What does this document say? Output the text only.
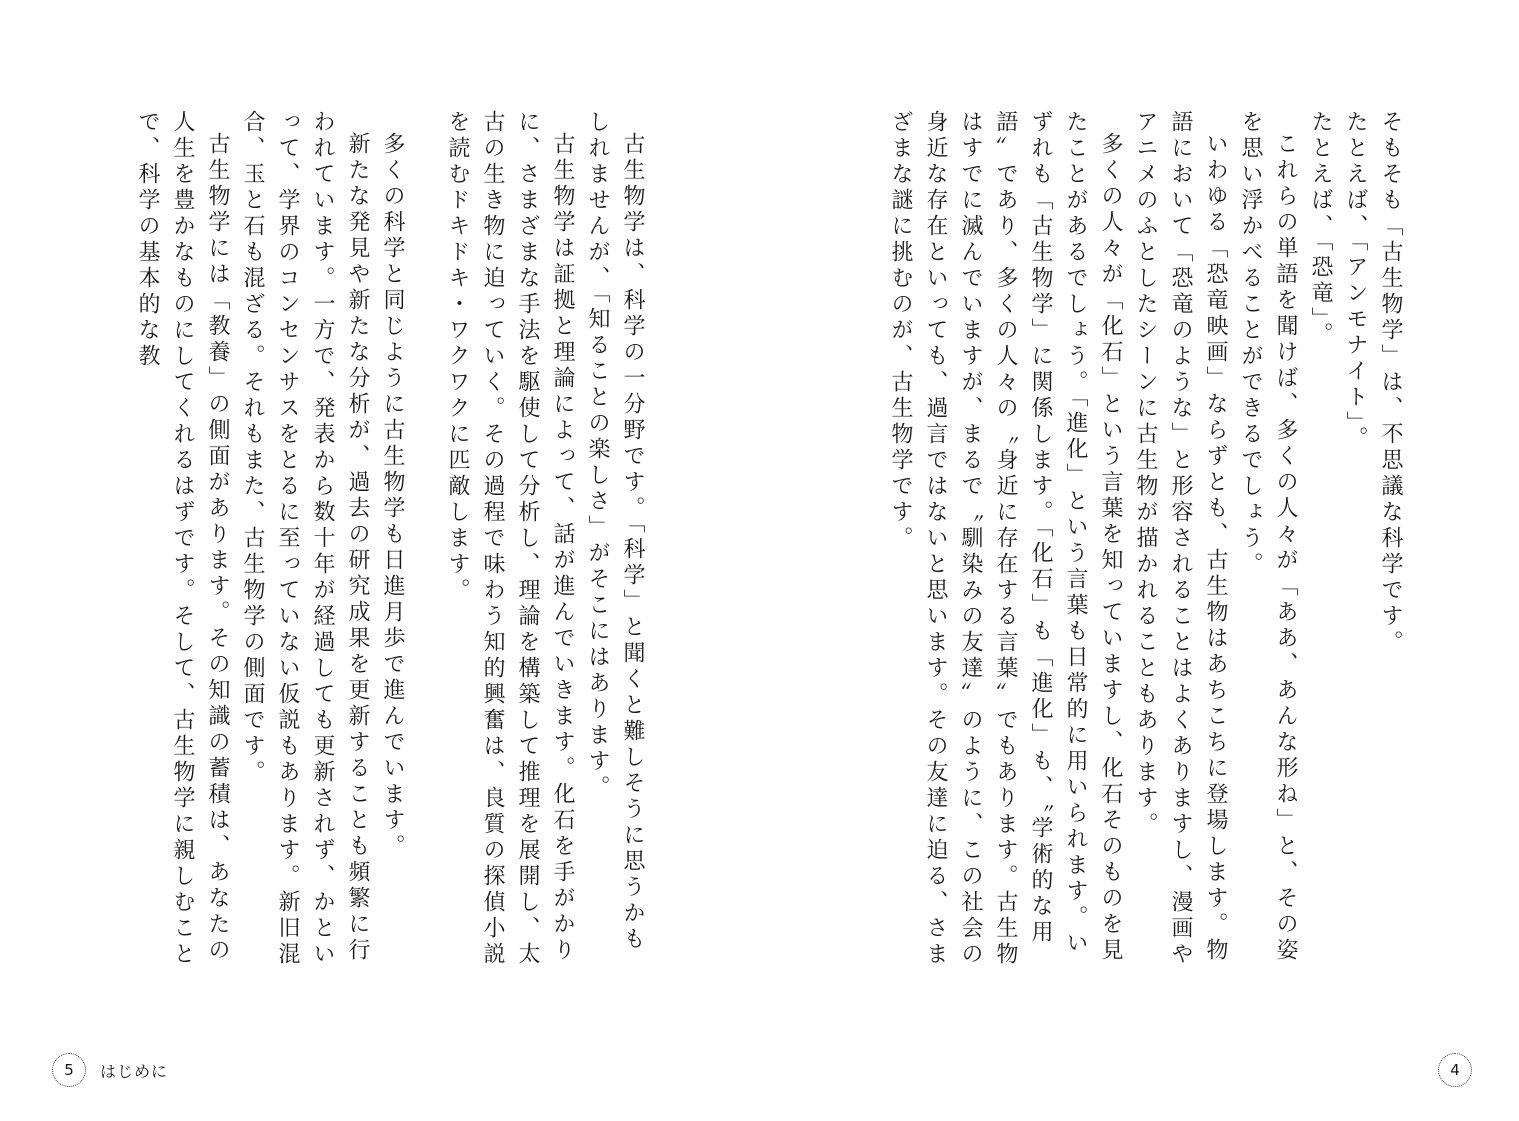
そもそも「古生物学」は、不思議な科学です。

たとえば、「アンモナイト」。

たとえば、「恐竜」。

これらの単語を聞けば、多くの人々が「ああ、あんな形ね」と、その姿を思い浮かべることができるでしょう。

いわゆる「恐竜映画」ならずとも、古生物はあちこちに登場します。物語において「恐竜のような」と形容されることはよくありますし、漫画やアニメのふとしたシーンに古生物が描かれることもあります。

多くの人々が「化石」という言葉を知っていますし、化石そのものを見たことがあるでしょう。「進化」という言葉も日常的に用いられます。いずれも「古生物学」に関係します。「化石」も「進化」も、〝学術的な用語〟であり、多くの人々の〝身近に存在する言葉〟でもあります。古生物はすでに滅んでいますが、まるで〝馴染みの友達〟のように、この社会の身近な存在といっても、過言ではないと思います。その友達に迫る、さまざまな謎に挑むのが、古生物学です。

4

古生物学は、科学の一分野です。「科学」と聞くと難しそうに思うかもしれませんが、「知ることの楽しさ」がそこにはあります。

古生物学は証拠と理論によって、話が進んでいきます。化石を手がかりに、さまざまな手法を駆使して分析し、理論を構築して推理を展開し、太古の生き物に迫っていく。その過程で味わう知的興奮は、良質の探偵小説を読むドキドキ・ワクワクに匹敵します。

多くの科学と同じように古生物学も日進月歩で進んでいます。

新たな発見や新たな分析が、過去の研究成果を更新することも頻繁に行われています。一方で、発表から数十年が経過しても更新されず、かといって、学界のコンセンサスをとるに至っていない仮説もあります。新旧混合、玉と石も混ざる。それもまた、古生物学の側面です。

古生物学には「教養」の側面があります。その知識の蓄積は、あなたの人生を豊かなものにしてくれるはずです。そして、古生物学に親しむことで、科学の基本的な教

5	はじめに
